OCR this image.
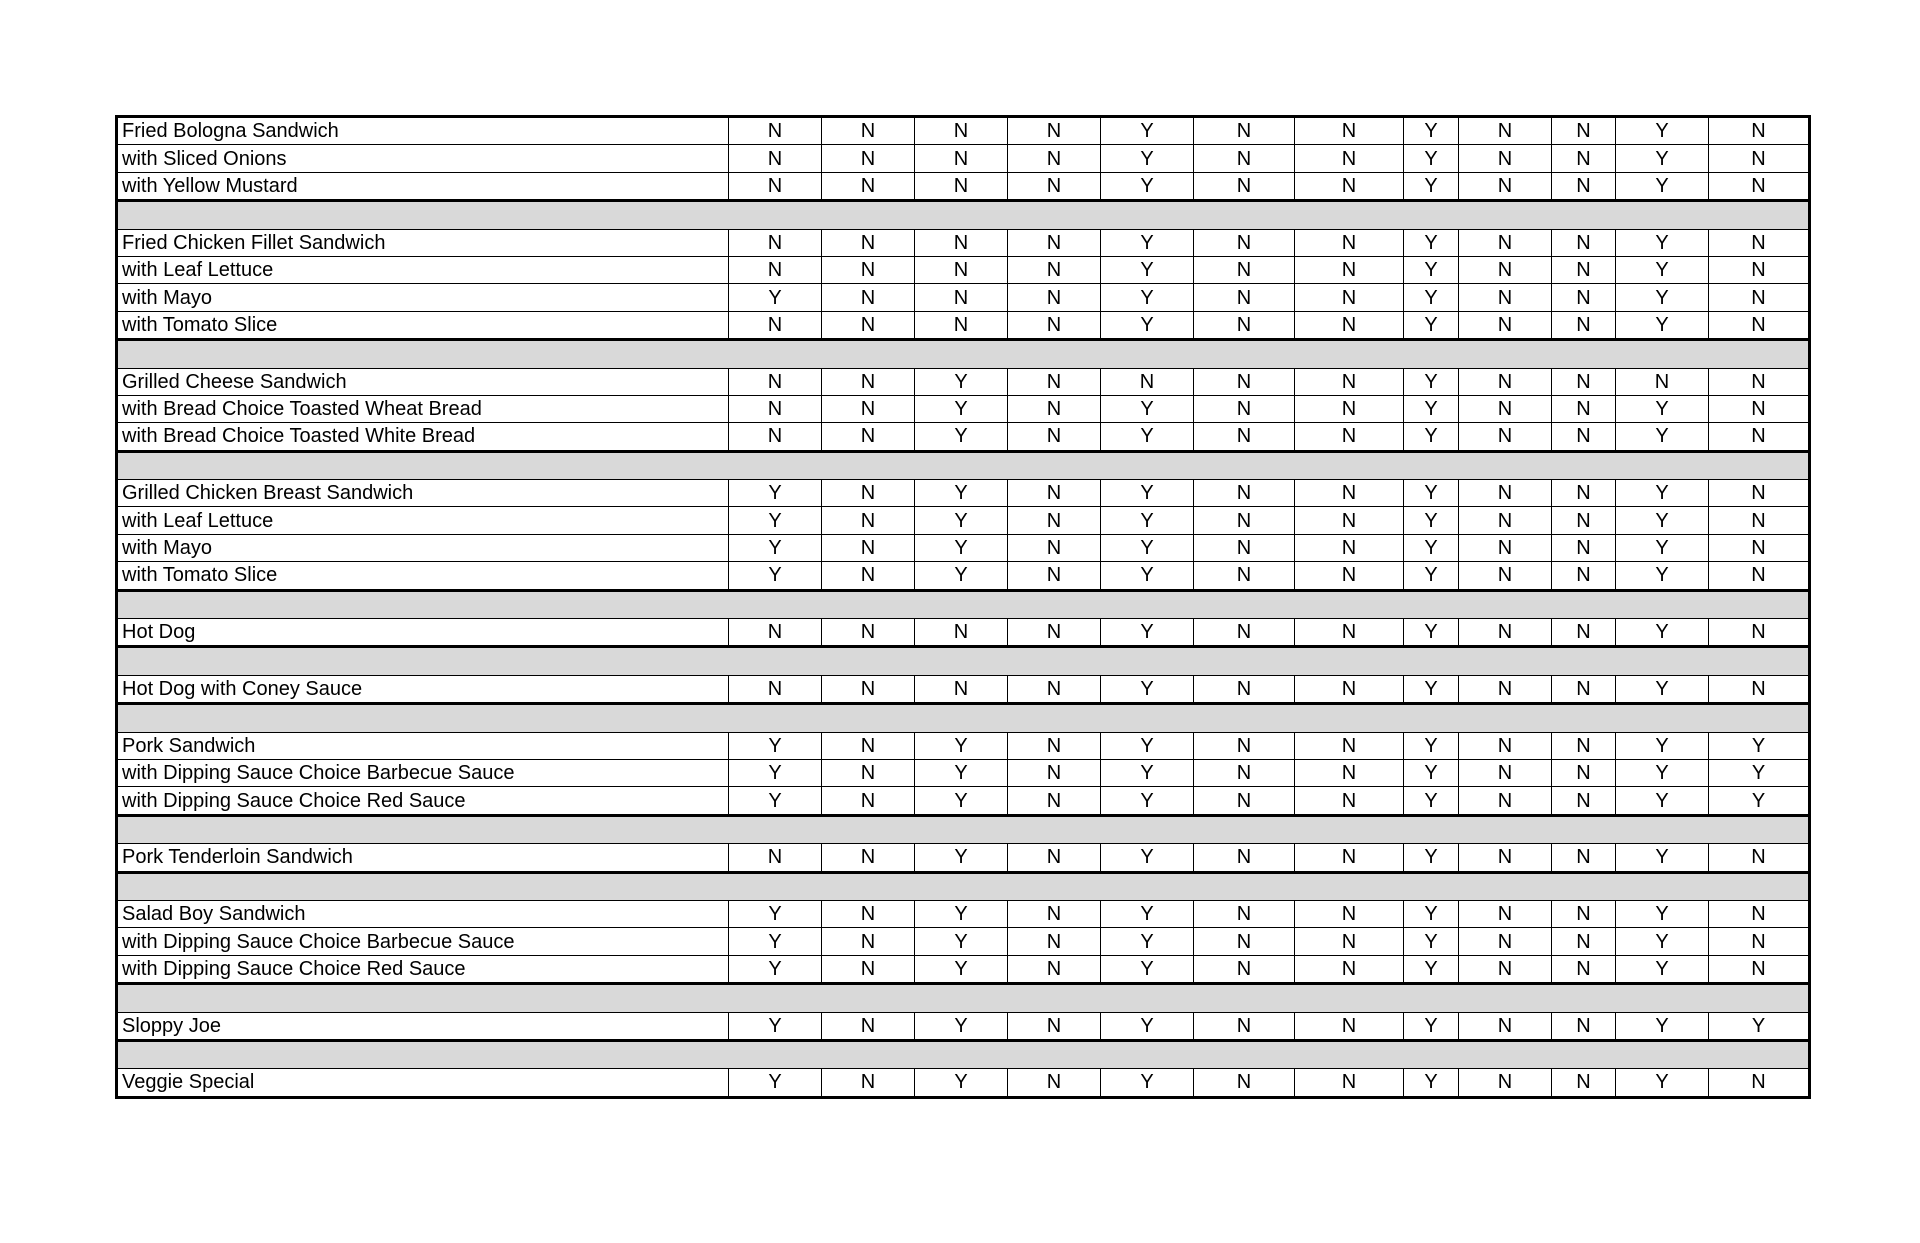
Fried Bologna Sandwich	N	N	N	N	Y	N	N	Y	N	N	Y	N
with Sliced Onions	N	N	N	N	Y	N	N	Y	N	N	Y	N
with Yellow Mustard	N	N	N	N	Y	N	N	Y	N	N	Y	N

Fried Chicken Fillet Sandwich	N	N	N	N	Y	N	N	Y	N	N	Y	N
with Leaf Lettuce	N	N	N	N	Y	N	N	Y	N	N	Y	N
with Mayo	Y	N	N	N	Y	N	N	Y	N	N	Y	N
with Tomato Slice	N	N	N	N	Y	N	N	Y	N	N	Y	N

Grilled Cheese Sandwich	N	N	Y	N	N	N	N	Y	N	N	N	N
with Bread Choice Toasted Wheat Bread	N	N	Y	N	Y	N	N	Y	N	N	Y	N
with Bread Choice Toasted White Bread	N	N	Y	N	Y	N	N	Y	N	N	Y	N

Grilled Chicken Breast Sandwich	Y	N	Y	N	Y	N	N	Y	N	N	Y	N
with Leaf Lettuce	Y	N	Y	N	Y	N	N	Y	N	N	Y	N
with Mayo	Y	N	Y	N	Y	N	N	Y	N	N	Y	N
with Tomato Slice	Y	N	Y	N	Y	N	N	Y	N	N	Y	N

Hot Dog	N	N	N	N	Y	N	N	Y	N	N	Y	N

Hot Dog with Coney Sauce	N	N	N	N	Y	N	N	Y	N	N	Y	N

Pork Sandwich	Y	N	Y	N	Y	N	N	Y	N	N	Y	Y
with Dipping Sauce Choice Barbecue Sauce	Y	N	Y	N	Y	N	N	Y	N	N	Y	Y
with Dipping Sauce Choice Red Sauce	Y	N	Y	N	Y	N	N	Y	N	N	Y	Y

Pork Tenderloin Sandwich	N	N	Y	N	Y	N	N	Y	N	N	Y	N

Salad Boy Sandwich	Y	N	Y	N	Y	N	N	Y	N	N	Y	N
with Dipping Sauce Choice Barbecue Sauce	Y	N	Y	N	Y	N	N	Y	N	N	Y	N
with Dipping Sauce Choice Red Sauce	Y	N	Y	N	Y	N	N	Y	N	N	Y	N

Sloppy Joe	Y	N	Y	N	Y	N	N	Y	N	N	Y	Y

Veggie Special	Y	N	Y	N	Y	N	N	Y	N	N	Y	N
